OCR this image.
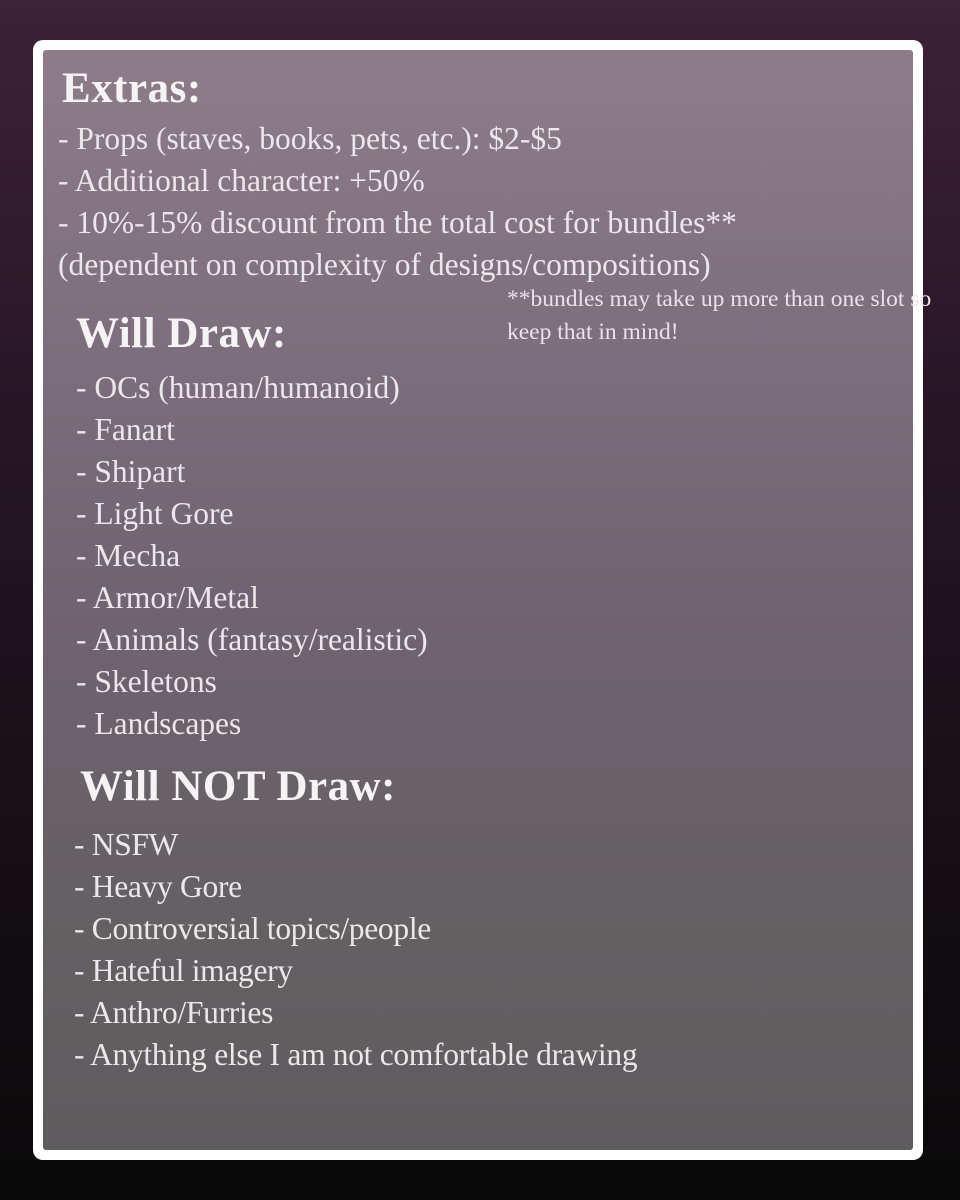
Extras:
- Props (staves, books, pets, etc.): $2-$5
- Additional character: +50%
- 10%-15% discount from the total cost for bundles**
(dependent on complexity of designs/compositions)
**bundles may take up more than one slot so keep that in mind!
Will Draw:
- OCs (human/humanoid)
- Fanart
- Shipart
- Light Gore
- Mecha
- Armor/Metal
- Animals (fantasy/realistic)
- Skeletons
- Landscapes
Will NOT Draw:
- NSFW
- Heavy Gore
- Controversial topics/people
- Hateful imagery
- Anthro/Furries
- Anything else I am not comfortable drawing
